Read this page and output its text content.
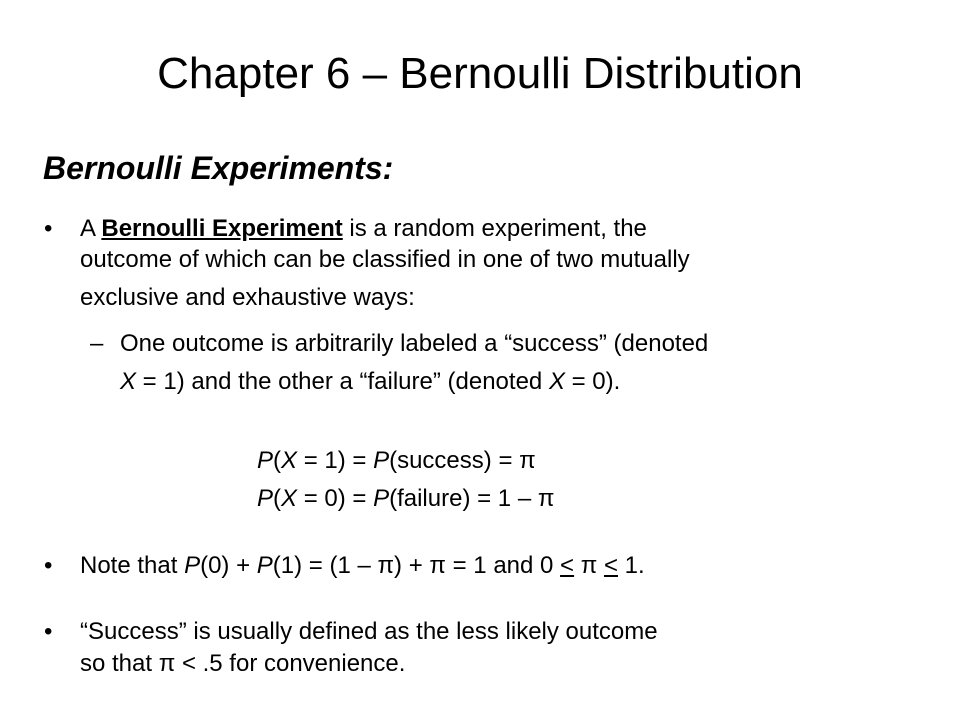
Chapter 6 – Bernoulli Distribution
Bernoulli Experiments:
• A Bernoulli Experiment is a random experiment, the
outcome of which can be classified in one of two mutually
exclusive and exhaustive ways:
– One outcome is arbitrarily labeled a “success” (denoted
X = 1) and the other a “failure” (denoted X = 0).
P(X = 1) = P(success) = π
P(X = 0) = P(failure) = 1 – π
• Note that P(0) + P(1) = (1 – π) + π = 1 and 0 ≤ π ≤ 1.
• “Success” is usually defined as the less likely outcome
so that π < .5 for convenience.
